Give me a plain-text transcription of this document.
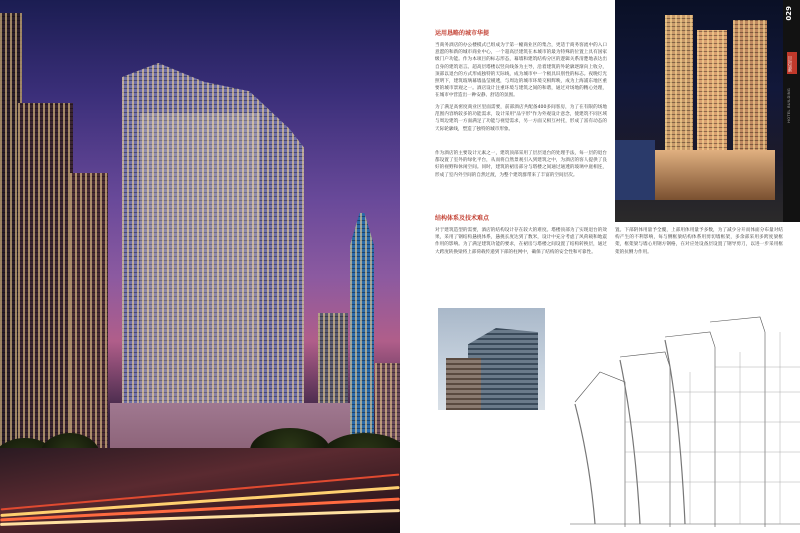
运用恳略的城市华提
当商务酒店的办公楼模式已组成为于第一幢商业区的集合，更适于商务客流中的入口意愿的和新的城市商业中心，一个超高层建筑在本城市的最为特殊的位置上具有国家级门户功能。作为本项目的标志形态，幕墙和建筑结构分区的逻辑关系清楚地表达出自身的建筑语言。超高层塔楼以竖向线条为主导，沿着建筑的外轮廓逐渐向上收分，顶部以退台的方式形成独特的天际线，成为城市中一个极具识别性的标志。夜晚灯光照明下，建筑玻璃幕墙晶莹剔透，与周边的城市环境交相辉映，成为上海浦东地区重要的城市景观之一。酒店设计注重环境与建筑之间的和谐，通过对场地的精心处理，在城市中营造出一种安静、舒适的氛围。
为了满足高密度商业区里面需要，前部酒店共配备400多间客房，为了在有限的场地范围内容纳较多的功能需求，设计采用"品字形"作为外观设计意念，使建筑不同区域与周边建筑一方面满足了功能与视觉需求，另一方面又相互衬托，形成了富有动态的天际轮廓线，塑造了独特的城市形象。
作为酒店的主要设计元素之一，建筑顶部采用了层层退台的处理手法，每一层的退台都设置了室外的绿化平台，从而将自然景观引入到建筑之中，为酒店的客人提供了良好的视野和休闲空间。同时，建筑的裙房部分与塔楼之间通过通透的玻璃中庭相连，形成了室内外空间的自然过渡，为整个建筑群带来了丰富的空间层次。
结构体系及技术难点
对于建筑造型的需要，酒店的结构设计存在较大的难度。塔楼顶部为了实现退台的效果，采用了钢结构悬挑体系，悬挑长度达到了数米，设计中充分考虑了风荷载和地震作用的影响。为了满足建筑功能的要求，在裙房与塔楼之间设置了结构转换层，通过大跨度转换梁将上部荷载传递到下部的柱网中，确保了结构的安全性和可靠性。
置。下部阴体用量予全覆，上部用体用量予多数，为了减少分开而体面分布量对结构产生的不利影响，每与侧框梁结构体系用剪切墙框架，多余部采用多跨度梁框架，框架梁与墙心用钢方钢格，在对应处设备层设置了钢导剪刀，以进一步采用框架的抗侧力作用。
029
建筑项目
HOTEL BUILDING
